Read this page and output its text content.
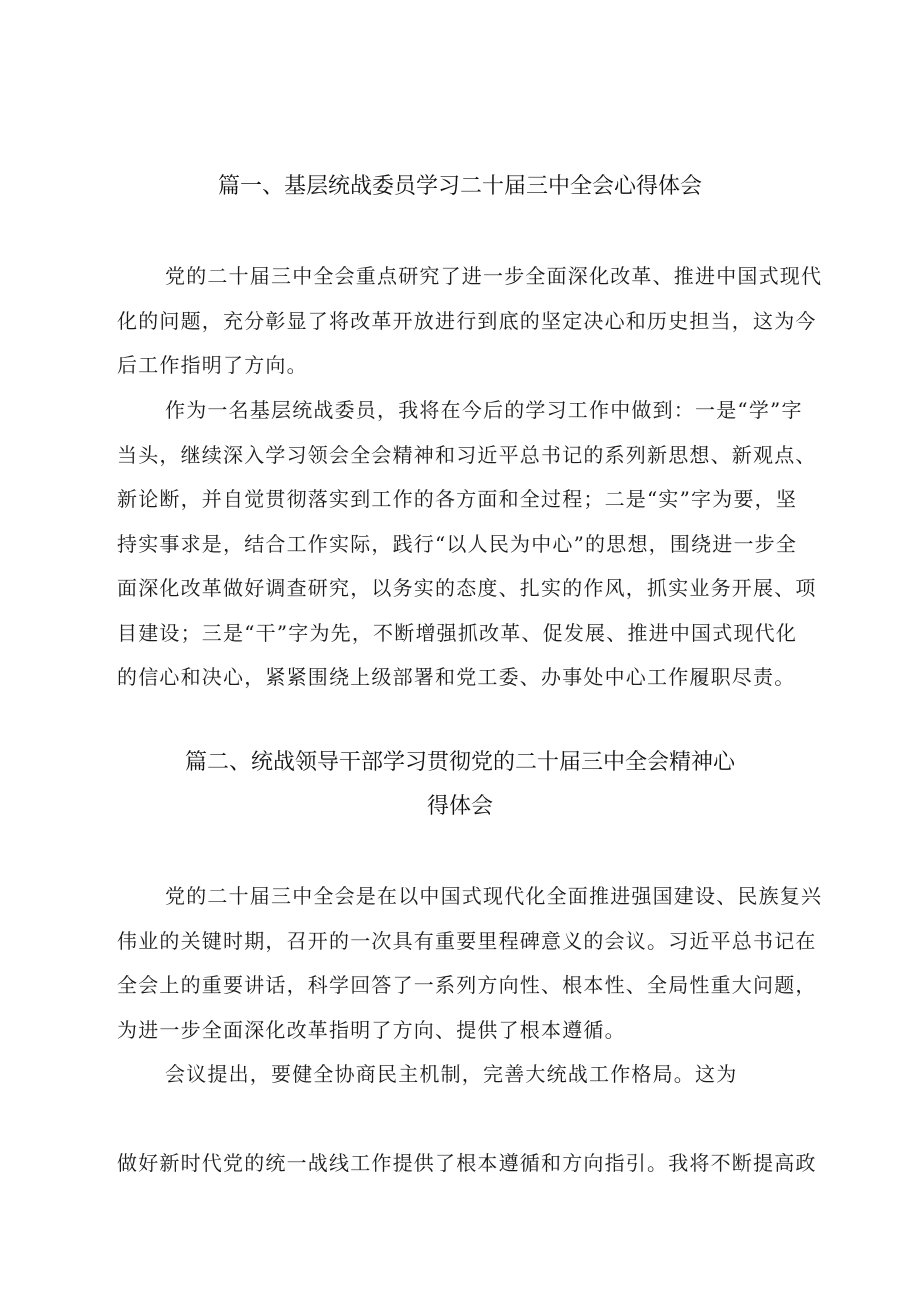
篇一、基层统战委员学习二十届三中全会心得体会
党的二十届三中全会重点研究了进一步全面深化改革、推进中国式现代
化的问题，充分彰显了将改革开放进行到底的坚定决心和历史担当，这为今
后工作指明了方向。
作为一名基层统战委员，我将在今后的学习工作中做到：一是“学”字
当头，继续深入学习领会全会精神和习近平总书记的系列新思想、新观点、
新论断，并自觉贯彻落实到工作的各方面和全过程；二是“实”字为要，坚
持实事求是，结合工作实际，践行“以人民为中心”的思想，围绕进一步全
面深化改革做好调查研究，以务实的态度、扎实的作风，抓实业务开展、项
目建设；三是“干”字为先，不断增强抓改革、促发展、推进中国式现代化
的信心和决心，紧紧围绕上级部署和党工委、办事处中心工作履职尽责。
篇二、统战领导干部学习贯彻党的二十届三中全会精神心
得体会
党的二十届三中全会是在以中国式现代化全面推进强国建设、民族复兴
伟业的关键时期，召开的一次具有重要里程碑意义的会议。习近平总书记在
全会上的重要讲话，科学回答了一系列方向性、根本性、全局性重大问题，
为进一步全面深化改革指明了方向、提供了根本遵循。
会议提出，要健全协商民主机制，完善大统战工作格局。这为
做好新时代党的统一战线工作提供了根本遵循和方向指引。我将不断提高政
